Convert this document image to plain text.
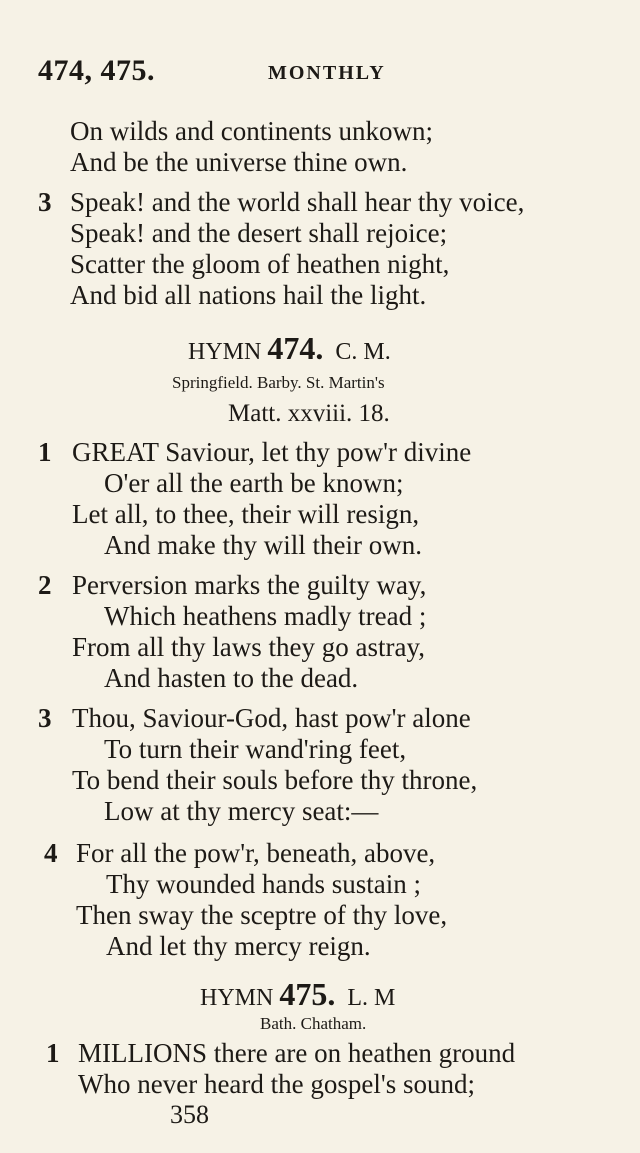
474, 475.	MONTHLY
On wilds and continents unkown;
And be the universe thine own.
3 Speak! and the world shall hear thy voice,
Speak! and the desert shall rejoice;
Scatter the gloom of heathen night,
And bid all nations hail the light.
HYMN 474. C. M.
Springfield. Barby. St. Martin's
Matt. xxviii. 18.
1 GREAT Saviour, let thy pow'r divine
O'er all the earth be known;
Let all, to thee, their will resign,
And make thy will their own.
2 Perversion marks the guilty way,
Which heathens madly tread ;
From all thy laws they go astray,
And hasten to the dead.
3 Thou, Saviour-God, hast pow'r alone
To turn their wand'ring feet,
To bend their souls before thy throne,
Low at thy mercy seat:—
4 For all the pow'r, beneath, above,
Thy wounded hands sustain ;
Then sway the sceptre of thy love,
And let thy mercy reign.
HYMN 475. L. M
Bath. Chatham.
1 MILLIONS there are on heathen ground
Who never heard the gospel's sound;
358
